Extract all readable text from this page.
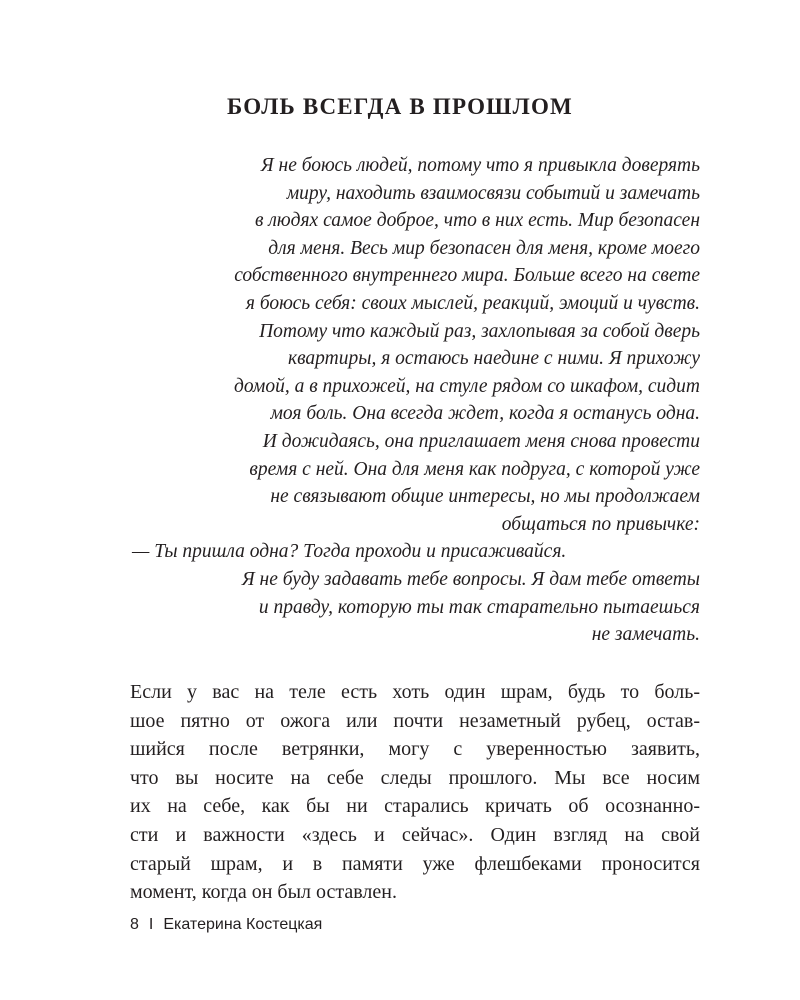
БОЛЬ ВСЕГДА В ПРОШЛОМ
Я не боюсь людей, потому что я привыкла доверять
миру, находить взаимосвязи событий и замечать
в людях самое доброе, что в них есть. Мир безопасен
для меня. Весь мир безопасен для меня, кроме моего
собственного внутреннего мира. Больше всего на свете
я боюсь себя: своих мыслей, реакций, эмоций и чувств.
Потому что каждый раз, захлопывая за собой дверь
квартиры, я остаюсь наедине с ними. Я прихожу
домой, а в прихожей, на стуле рядом со шкафом, сидит
моя боль. Она всегда ждет, когда я останусь одна.
И дожидаясь, она приглашает меня снова провести
время с ней. Она для меня как подруга, с которой уже
не связывают общие интересы, но мы продолжаем
общаться по привычке:
— Ты пришла одна? Тогда проходи и присаживайся.
Я не буду задавать тебе вопросы. Я дам тебе ответы
и правду, которую ты так старательно пытаешься
не замечать.
Если у вас на теле есть хоть один шрам, будь то боль-
шое пятно от ожога или почти незаметный рубец, остав-
шийся после ветрянки, могу с уверенностью заявить,
что вы носите на себе следы прошлого. Мы все носим
их на себе, как бы ни старались кричать об осознанно-
сти и важности «здесь и сейчас». Один взгляд на свой
старый шрам, и в памяти уже флешбеками проносится
момент, когда он был оставлен.
8 I Екатерина Костецкая
